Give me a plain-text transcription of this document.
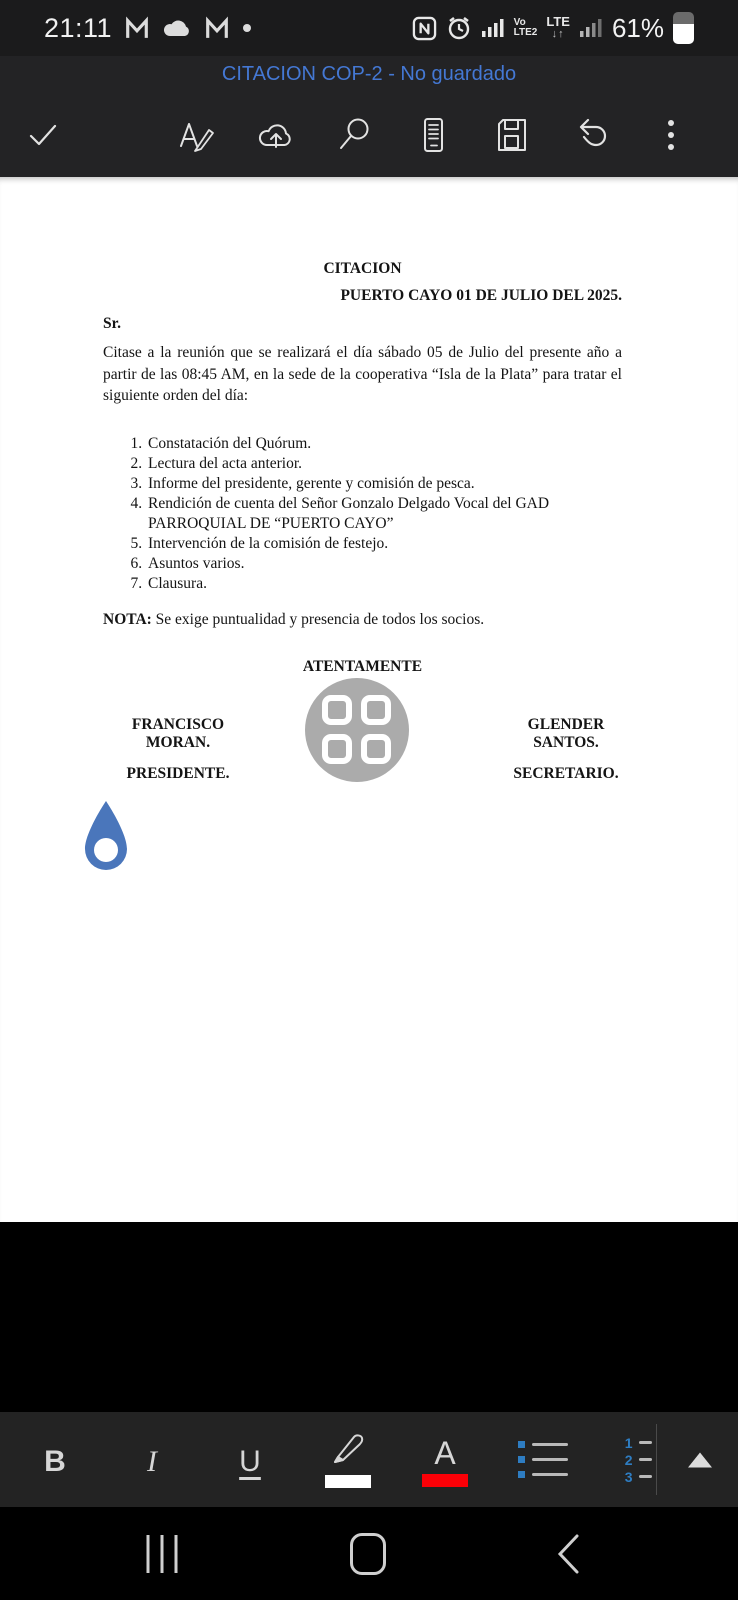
21:11	Vo
LTE2
LTE
↓↑ 61%
CITACION COP-2 - No guardado
CITACION
PUERTO CAYO 01 DE JULIO DEL 2025.
Sr.
Citase a la reunión que se realizará el día sábado 05 de Julio del presente año a partir de las 08:45 AM, en la sede de la cooperativa “Isla de la Plata” para tratar el siguiente orden del día:
1. Constatación del Quórum.
2. Lectura del acta anterior.
3. Informe del presidente, gerente y comisión de pesca.
4. Rendición de cuenta del Señor Gonzalo Delgado Vocal del GAD PARROQUIAL DE “PUERTO CAYO”
5. Intervención de la comisión de festejo.
6. Asuntos varios.
7. Clausura.
NOTA: Se exige puntualidad y presencia de todos los socios.
ATENTAMENTE
FRANCISCO MORAN.
PRESIDENTE.
GLENDER SANTOS.
SECRETARIO.
B	I	U	A	1
2
3
